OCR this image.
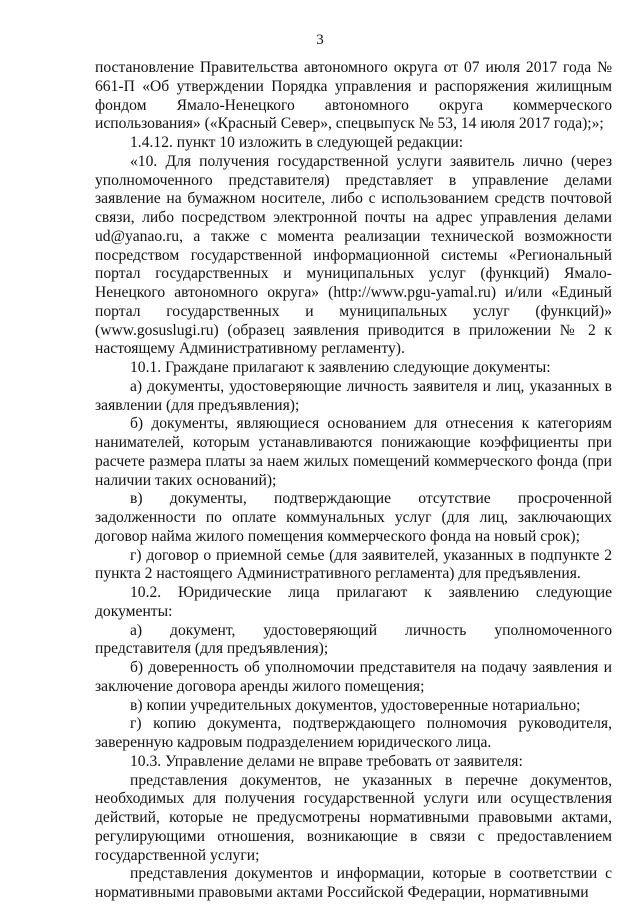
3

постановление Правительства автономного округа от 07 июля 2017 года № 661-П «Об утверждении Порядка управления и распоряжения жилищным фондом Ямало-Ненецкого автономного округа коммерческого использования» («Красный Север», спецвыпуск № 53, 14 июля 2017 года);»;

1.4.12. пункт 10 изложить в следующей редакции:

«10. Для получения государственной услуги заявитель лично (через уполномоченного представителя) представляет в управление делами заявление на бумажном носителе, либо с использованием средств почтовой связи, либо посредством электронной почты на адрес управления делами ud@yanao.ru, а также с момента реализации технической возможности посредством государственной информационной системы «Региональный портал государственных и муниципальных услуг (функций) Ямало-Ненецкого автономного округа» (http://www.pgu-yamal.ru) и/или «Единый портал государственных и муниципальных услуг (функций)» (www.gosuslugi.ru) (образец заявления приводится в приложении № 2 к настоящему Административному регламенту).

10.1. Граждане прилагают к заявлению следующие документы:

а) документы, удостоверяющие личность заявителя и лиц, указанных в заявлении (для предъявления);

б) документы, являющиеся основанием для отнесения к категориям нанимателей, которым устанавливаются понижающие коэффициенты при расчете размера платы за наем жилых помещений коммерческого фонда (при наличии таких оснований);

в) документы, подтверждающие отсутствие просроченной задолженности по оплате коммунальных услуг (для лиц, заключающих договор найма жилого помещения коммерческого фонда на новый срок);

г) договор о приемной семье (для заявителей, указанных в подпункте 2 пункта 2 настоящего Административного регламента) для предъявления.

10.2. Юридические лица прилагают к заявлению следующие документы:

а) документ, удостоверяющий личность уполномоченного представителя (для предъявления);

б) доверенность об уполномочии представителя на подачу заявления и заключение договора аренды жилого помещения;

в) копии учредительных документов, удостоверенные нотариально;

г) копию документа, подтверждающего полномочия руководителя, заверенную кадровым подразделением юридического лица.

10.3. Управление делами не вправе требовать от заявителя:

представления документов, не указанных в перечне документов, необходимых для получения государственной услуги или осуществления действий, которые не предусмотрены нормативными правовыми актами, регулирующими отношения, возникающие в связи с предоставлением государственной услуги;

представления документов и информации, которые в соответствии с нормативными правовыми актами Российской Федерации, нормативными
